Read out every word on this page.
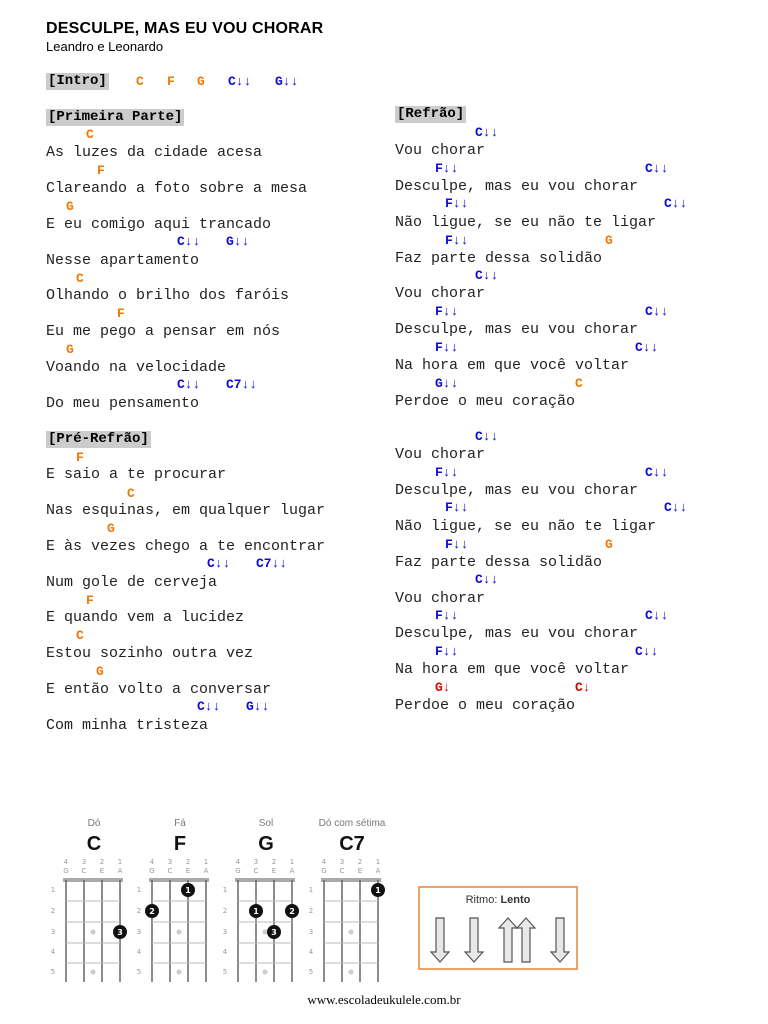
DESCULPE, MAS EU VOU CHORAR
Leandro e Leonardo
[Intro] C F G C↓↓ G↓↓
[Primeira Parte]
C
As luzes da cidade acesa
F
Clareando a foto sobre a mesa
G
E eu comigo aqui trancado
C↓↓ G↓↓
Nesse apartamento
C
Olhando o brilho dos faróis
F
Eu me pego a pensar em nós
G
Voando na velocidade
C↓↓ C7↓↓
Do meu pensamento
[Pré-Refrão]
F
E saio a te procurar
C
Nas esquinas, em qualquer lugar
G
E às vezes chego a te encontrar
C↓↓ C7↓↓
Num gole de cerveja
F
E quando vem a lucidez
C
Estou sozinho outra vez
G
E então volto a conversar
C↓↓ G↓↓
Com minha tristeza
[Refrão]
C↓↓
Vou chorar
F↓↓	C↓↓
Desculpe, mas eu vou chorar
F↓↓	C↓↓
Não ligue, se eu não te ligar
F↓↓	G
Faz parte dessa solidão
C↓↓
Vou chorar
F↓↓	C↓↓
Desculpe, mas eu vou chorar
F↓↓	C↓↓
Na hora em que você voltar
G↓↓	C
Perdoe o meu coração
C↓↓
Vou chorar
F↓↓	C↓↓
Desculpe, mas eu vou chorar
F↓↓	C↓↓
Não ligue, se eu não te ligar
F↓↓	G
Faz parte dessa solidão
C↓↓
Vou chorar
F↓↓	C↓↓
Desculpe, mas eu vou chorar
F↓↓	C↓↓
Na hora em que você voltar
G↓	C↓
Perdoe o meu coração
Dó
C
Fá
F
Sol
G
Dó com sétima
C7
4 3 2 1
G C E A
1
2
3
4
5
3
4 3 2 1
G C E A
1
2
3
4
5
1
2
4 3 2 1
G C E A
1
2
3
4
5
1	2
3
4 3 2 1
G C E A
1
2
3
4
5
1
Ritmo: Lento
www.escoladeukulele.com.br
